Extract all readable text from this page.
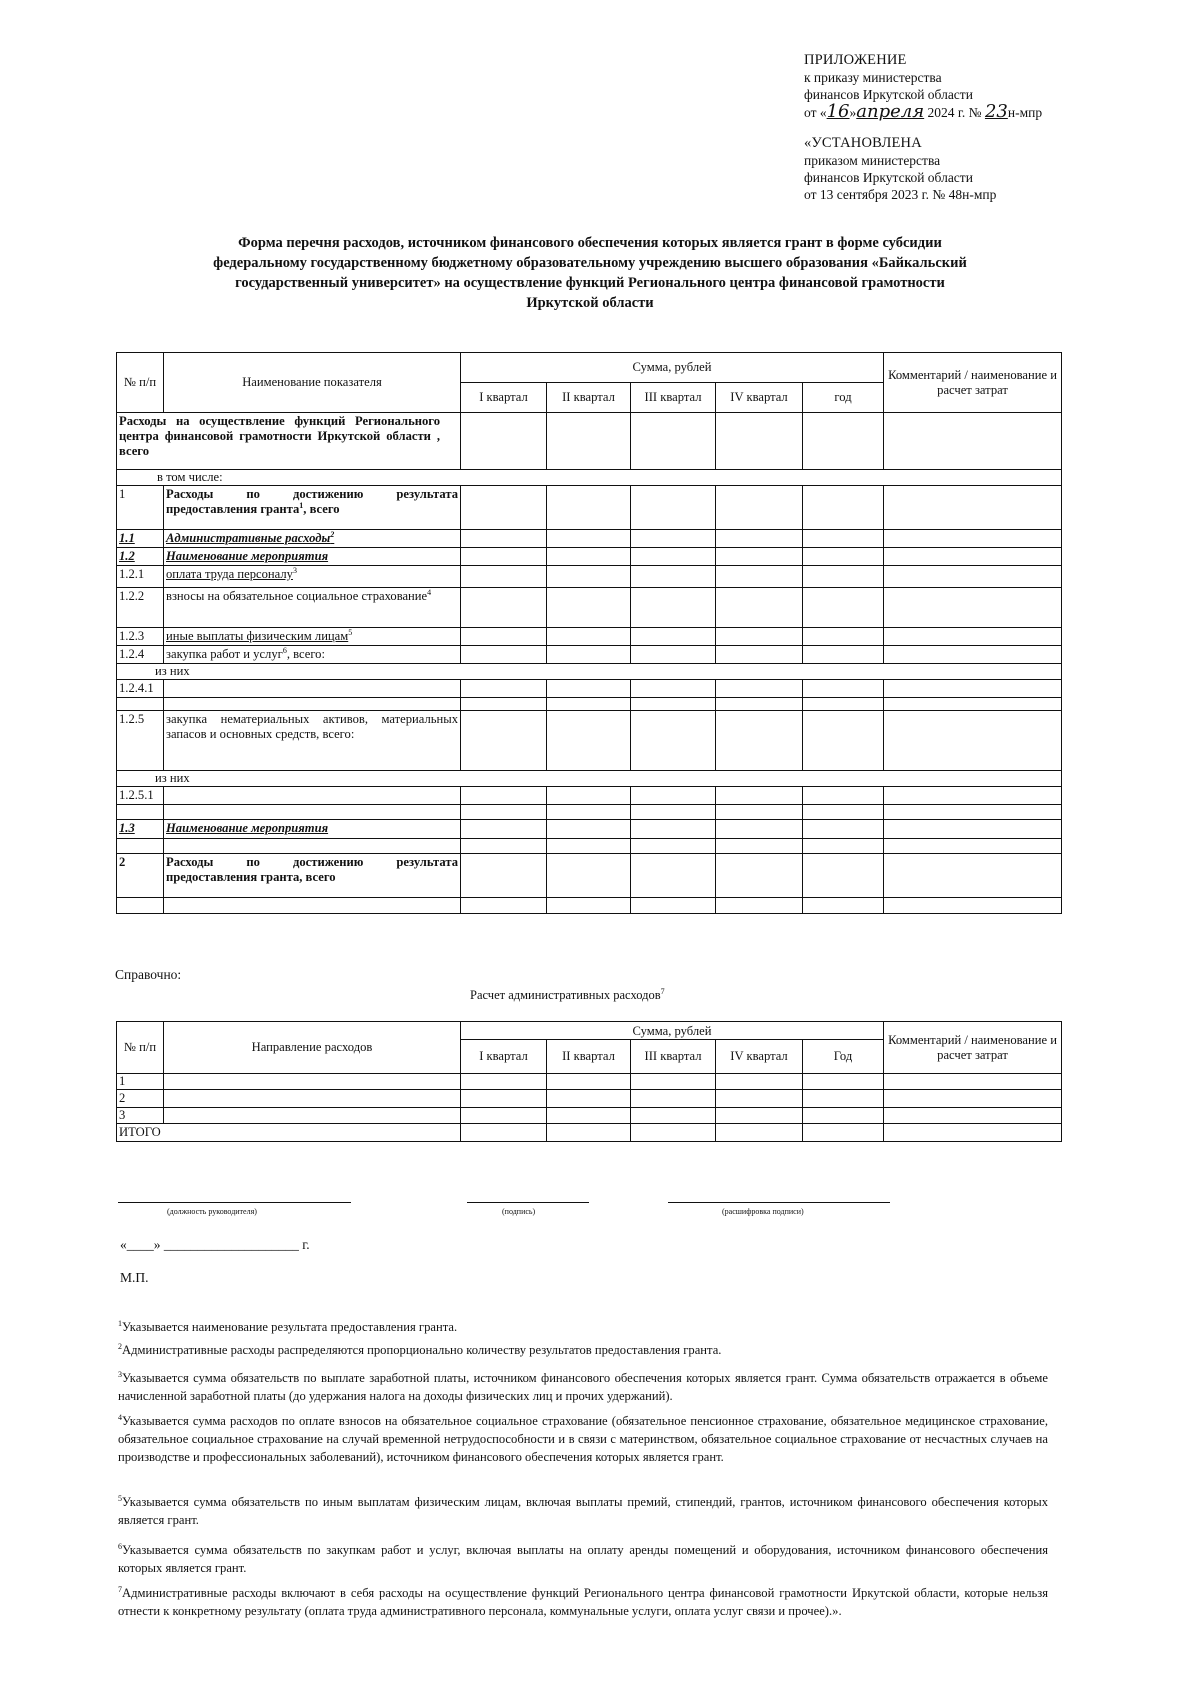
ПРИЛОЖЕНИЕ
к приказу министерства
финансов Иркутской области
от «16»апреля 2024 г. № 23н-мпр
«УСТАНОВЛЕНА
приказом министерства
финансов Иркутской области
от 13 сентября 2023 г. № 48н-мпр
Форма перечня расходов, источником финансового обеспечения которых является грант в форме субсидии
федеральному государственному бюджетному образовательному учреждению высшего образования «Байкальский
государственный университет» на осуществление функций Регионального центра финансовой грамотности
Иркутской области
№ п/п	Наименование показателя	Сумма, рублей					Комментарий / наименование и расчет затрат
		I квартал	II квартал	III квартал	IV квартал	год	
Расходы на осуществление функций Регионального центра финансовой грамотности Иркутской области , всего							
в том числе:							
1	Расходы по достижению результата предоставления гранта$^1$, всего						
1.1	Административные расходы$^2$						
1.2	Наименование мероприятия						
1.2.1	оплата труда персоналу$^3$						
1.2.2	взносы на обязательное социальное страхование$^4$						
1.2.3	иные выплаты физическим лицам$^5$						
1.2.4	закупка работ и услуг$^6$, всего:						
из них							
1.2.4.1							

1.2.5	закупка нематериальных активов, материальных запасов и основных средств, всего:						
из них							
1.2.5.1							

1.3	Наименование мероприятия						

2	Расходы по достижению результата предоставления гранта, всего						

Справочно:
Расчет административных расходов$^7$
№ п/п	Направление расходов	Сумма, рублей					Комментарий / наименование и расчет затрат
		I квартал	II квартал	III квартал	IV квартал	Год	
1							
2							
3							
ИТОГО							
(должность руководителя)	(подпись)	(расшифровка подписи)
«____» ____________________ г.
М.П.
$^1$Указывается наименование результата предоставления гранта.
$^2$Административные расходы распределяются пропорционально количеству результатов предоставления гранта.
$^3$Указывается сумма обязательств по выплате заработной платы, источником финансового обеспечения которых является грант. Сумма обязательств отражается в объеме начисленной заработной платы (до удержания налога на доходы физических лиц и прочих удержаний).
$^4$Указывается сумма расходов по оплате взносов на обязательное социальное страхование (обязательное пенсионное страхование, обязательное медицинское страхование, обязательное социальное страхование на случай временной нетрудоспособности и в связи с материнством, обязательное социальное страхование от несчастных случаев на производстве и профессиональных заболеваний), источником финансового обеспечения которых является грант.
$^5$Указывается сумма обязательств по иным выплатам физическим лицам, включая выплаты премий, стипендий, грантов, источником финансового обеспечения которых является грант.
$^6$Указывается сумма обязательств по закупкам работ и услуг, включая выплаты на оплату аренды помещений и оборудования, источником финансового обеспечения которых является грант.
$^7$Административные расходы включают в себя расходы на осуществление функций Регионального центра финансовой грамотности Иркутской области, которые нельзя отнести к конкретному результату (оплата труда административного персонала, коммунальные услуги, оплата услуг связи и прочее).».
